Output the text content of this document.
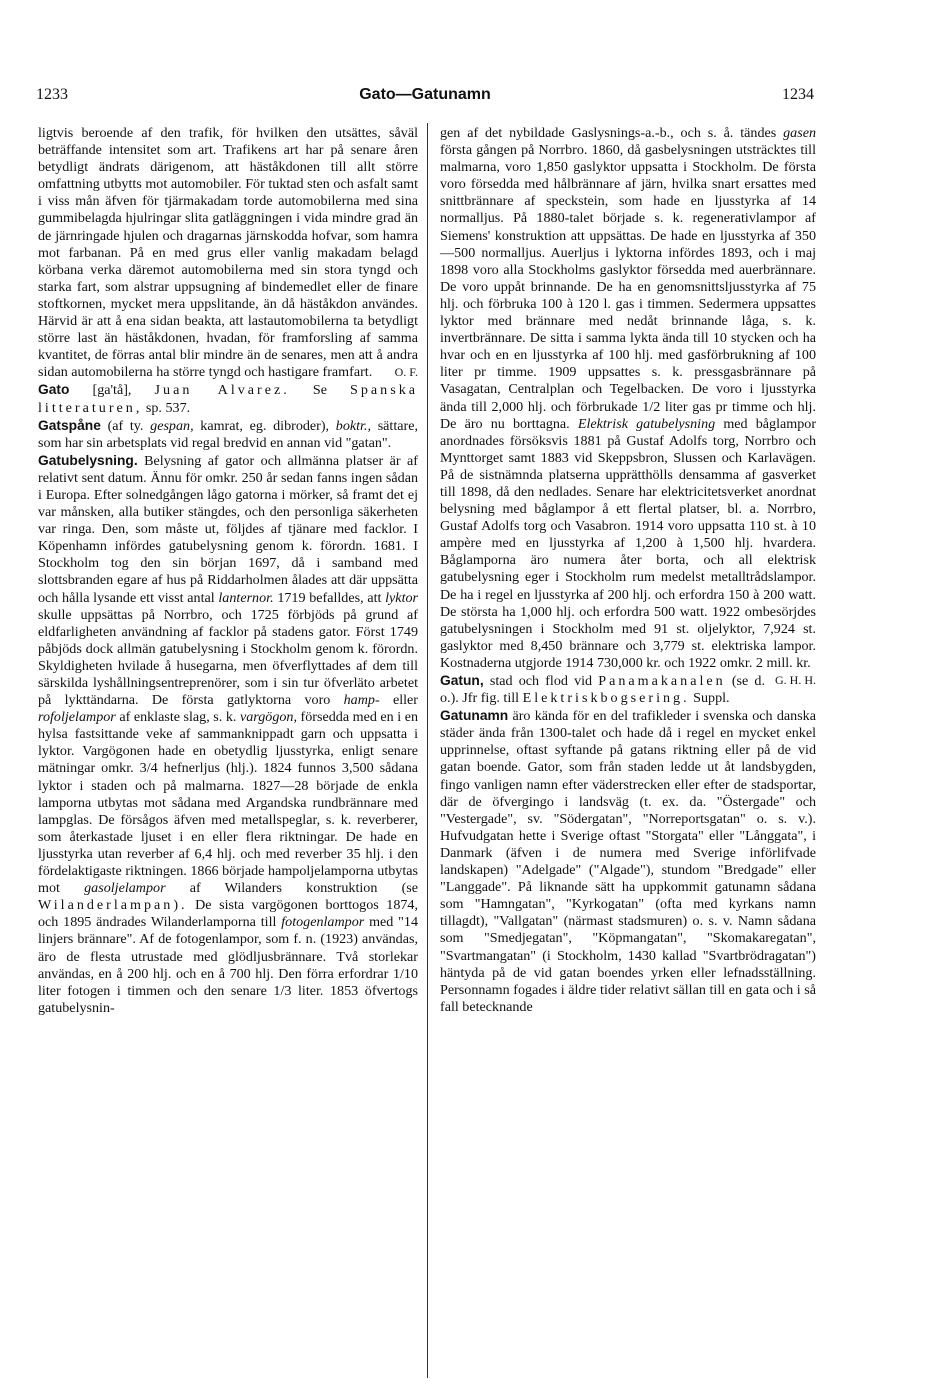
1233	Gato—Gatunamn	1234

ligtvis beroende af den trafik, för hvilken den utsättes, såväl beträffande intensitet som art. Trafikens art har på senare åren betydligt ändrats därigenom, att häståkdonen till allt större omfattning utbytts mot automobiler. För tuktad sten och asfalt samt i viss mån äfven för tjärmakadam torde automobilerna med sina gummibelagda hjulringar slita gatläggningen i vida mindre grad än de järnringade hjulen och dragarnas järnskodda hofvar, som hamra mot farbanan. På en med grus eller vanlig makadam belagd körbana verka däremot automobilerna med sin stora tyngd och starka fart, som alstrar uppsugning af bindemedlet eller de finare stoftkornen, mycket mera uppslitande, än då häståkdon användes. Härvid är att å ena sidan beakta, att lastautomobilerna ta betydligt större last än häståkdonen, hvadan, för framforsling af samma kvantitet, de förras antal blir mindre än de senares, men att å andra sidan automobilerna ha större tyngd och hastigare framfart. O. F.

Gato [ga'tå], Juan Alvarez. Se Spanska litteraturen, sp. 537.

Gatspåne (af ty. gespan, kamrat, eg. dibroder), boktr., sättare, som har sin arbetsplats vid regal bredvid en annan vid "gatan".

Gatubelysning. Belysning af gator och allmänna platser är af relativt sent datum. Ännu för omkr. 250 år sedan fanns ingen sådan i Europa. Efter solnedgången lågo gatorna i mörker, så framt det ej var månsken, alla butiker stängdes, och den personliga säkerheten var ringa. Den, som måste ut, följdes af tjänare med facklor. I Köpenhamn infördes gatubelysning genom k. förordn. 1681. I Stockholm tog den sin början 1697, då i samband med slottsbranden egare af hus på Riddarholmen ålades att där uppsätta och hålla lysande ett visst antal lanternor. 1719 befalldes, att lyktor skulle uppsättas på Norrbro, och 1725 förbjöds på grund af eldfarligheten användning af facklor på stadens gator. Först 1749 påbjöds dock allmän gatubelysning i Stockholm genom k. förordn. Skyldigheten hvilade å husegarna, men öfverflyttades af dem till särskilda lyshållningsentreprenörer, som i sin tur öfverläto arbetet på lykttändarna. De första gatlyktorna voro hamp- eller rofoljelampor af enklaste slag, s. k. vargögon, försedda med en i en hylsa fastsittande veke af sammanknippadt garn och uppsatta i lyktor. Vargögonen hade en obetydlig ljusstyrka, enligt senare mätningar omkr. 3/4 hefnerljus (hlj.). 1824 funnos 3,500 sådana lyktor i staden och på malmarna. 1827—28 började de enkla lamporna utbytas mot sådana med Argandska rundbrännare med lampglas. De försågos äfven med metallspeglar, s. k. reverberer, som återkastade ljuset i en eller flera riktningar. De hade en ljusstyrka utan reverber af 6,4 hlj. och med reverber 35 hlj. i den fördelaktigaste riktningen. 1866 började hampoljelamporna utbytas mot gasoljelampor af Wilanders konstruktion (se Wilanderlampan). De sista vargögonen borttogos 1874, och 1895 ändrades Wilanderlamporna till fotogenlampor med "14 linjers brännare". Af de fotogenlampor, som f. n. (1923) användas, äro de flesta utrustade med glödljusbrännare. Två storlekar användas, en å 200 hlj. och en å 700 hlj. Den förra erfordrar 1/10 liter fotogen i timmen och den senare 1/3 liter. 1853 öfvertogs gatubelysnin-

gen af det nybildade Gaslysnings-a.-b., och s. å. tändes gasen första gången på Norrbro. 1860, då gasbelysningen utsträcktes till malmarna, voro 1,850 gaslyktor uppsatta i Stockholm. De första voro försedda med hålbrännare af järn, hvilka snart ersattes med snittbrännare af speckstein, som hade en ljusstyrka af 14 normalljus. På 1880-talet började s. k. regenerativlampor af Siemens' konstruktion att uppsättas. De hade en ljusstyrka af 350—500 normalljus. Auerljus i lyktorna infördes 1893, och i maj 1898 voro alla Stockholms gaslyktor försedda med auerbrännare. De voro uppåt brinnande. De ha en genomsnittsljusstyrka af 75 hlj. och förbruka 100 à 120 l. gas i timmen. Sedermera uppsattes lyktor med brännare med nedåt brinnande låga, s. k. invertbrännare. De sitta i samma lykta ända till 10 stycken och ha hvar och en en ljusstyrka af 100 hlj. med gasförbrukning af 100 liter pr timme. 1909 uppsattes s. k. pressgasbrännare på Vasagatan, Centralplan och Tegelbacken. De voro i ljusstyrka ända till 2,000 hlj. och förbrukade 1/2 liter gas pr timme och hlj. De äro nu borttagna. Elektrisk gatubelysning med båglampor anordnades försöksvis 1881 på Gustaf Adolfs torg, Norrbro och Mynttorget samt 1883 vid Skeppsbron, Slussen och Karlavägen. På de sistnämnda platserna upprätthölls densamma af gasverket till 1898, då den nedlades. Senare har elektricitetsverket anordnat belysning med båglampor å ett flertal platser, bl. a. Norrbro, Gustaf Adolfs torg och Vasabron. 1914 voro uppsatta 110 st. à 10 ampère med en ljusstyrka af 1,200 à 1,500 hlj. hvardera. Båglamporna äro numera åter borta, och all elektrisk gatubelysning eger i Stockholm rum medelst metalltrådslampor. De ha i regel en ljusstyrka af 200 hlj. och erfordra 150 à 200 watt. De största ha 1,000 hlj. och erfordra 500 watt. 1922 ombesörjdes gatubelysningen i Stockholm med 91 st. oljelyktor, 7,924 st. gaslyktor med 8,450 brännare och 3,779 st. elektriska lampor. Kostnaderna utgjorde 1914 730,000 kr. och 1922 omkr. 2 mill. kr.
G. H. H.

Gatun, stad och flod vid Panamakanalen (se d. o.). Jfr fig. till Elektriskbogsering. Suppl.

Gatunamn äro kända för en del trafikleder i svenska och danska städer ända från 1300-talet och hade då i regel en mycket enkel upprinnelse, oftast syftande på gatans riktning eller på de vid gatan boende. Gator, som från staden ledde ut åt landsbygden, fingo vanligen namn efter väderstrecken eller efter de stadsportar, där de öfvergingo i landsväg (t. ex. da. "Östergade" och "Vestergade", sv. "Södergatan", "Norreportsgatan" o. s. v.). Hufvudgatan hette i Sverige oftast "Storgata" eller "Långgata", i Danmark (äfven i de numera med Sverige införlifvade landskapen) "Adelgade" ("Algade"), stundom "Bredgade" eller "Langgade". På liknande sätt ha uppkommit gatunamn sådana som "Hamngatan", "Kyrkogatan" (ofta med kyrkans namn tillagdt), "Vallgatan" (närmast stadsmuren) o. s. v. Namn sådana som "Smedjegatan", "Köpmangatan", "Skomakaregatan", "Svartmangatan" (i Stockholm, 1430 kallad "Svartbrödragatan") häntyda på de vid gatan boendes yrken eller lefnadsställning. Personnamn fogades i äldre tider relativt sällan till en gata och i så fall betecknande
